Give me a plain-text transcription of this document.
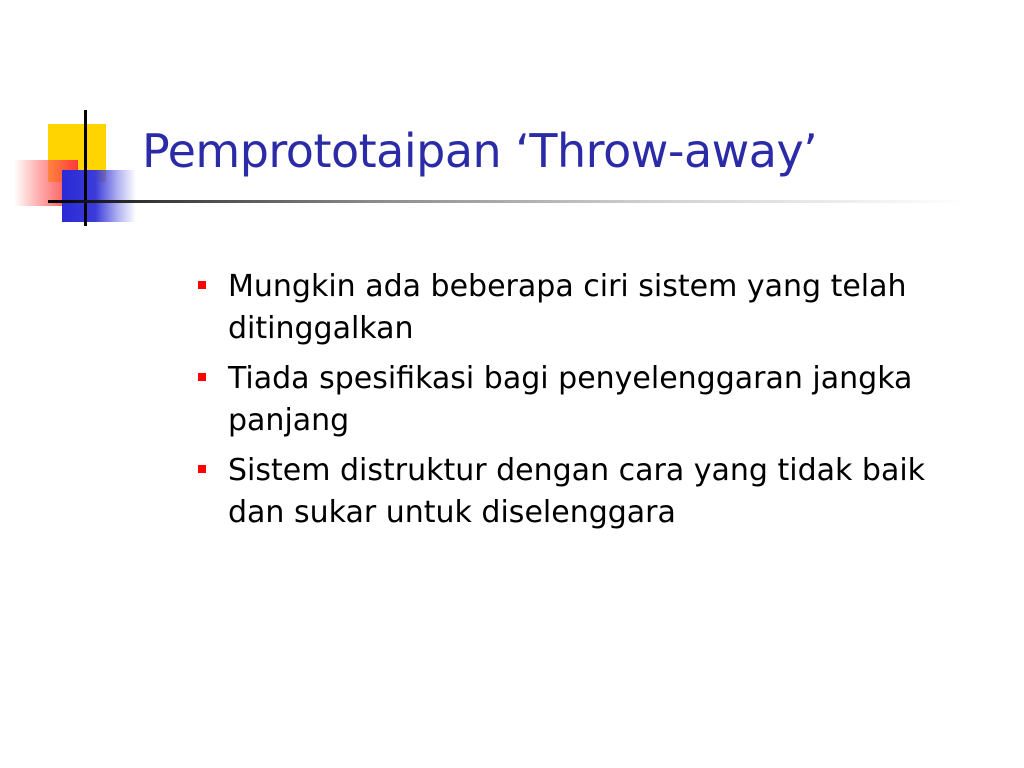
Pemprototaipan ‘Throw-away’
Mungkin ada beberapa ciri sistem yang telah ditinggalkan
Tiada spesifikasi bagi penyelenggaran jangka panjang
Sistem distruktur dengan cara yang tidak baik dan sukar untuk diselenggara
